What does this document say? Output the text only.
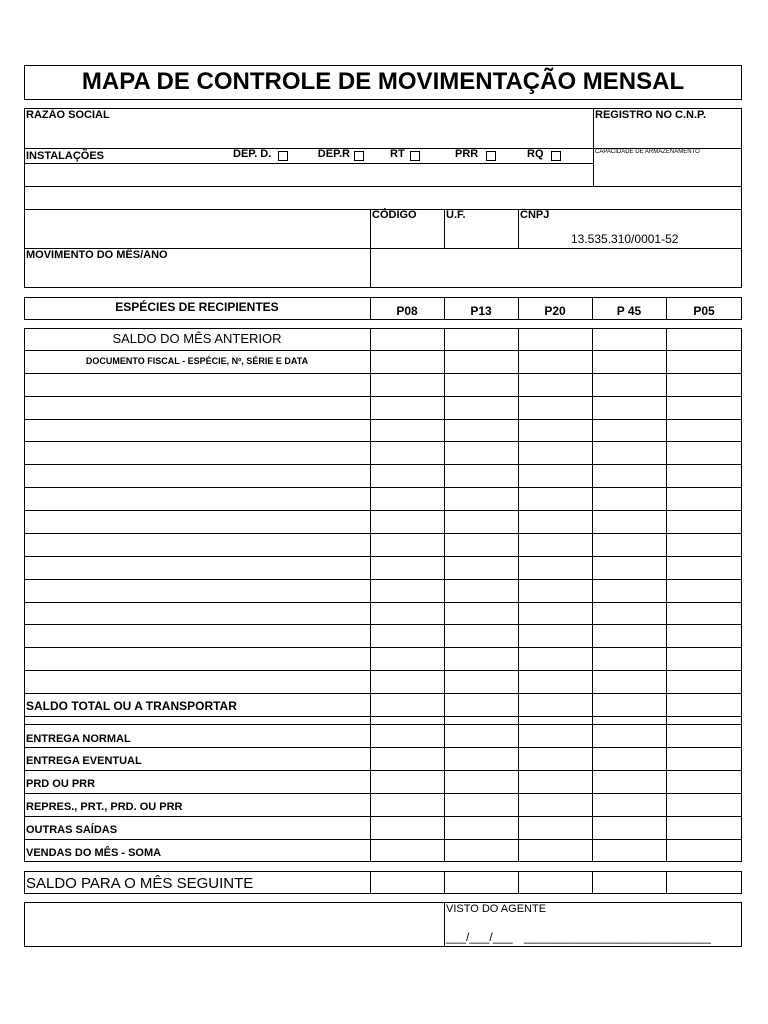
MAPA DE CONTROLE DE MOVIMENTAÇÃO MENSAL
RAZÃO SOCIAL	REGISTRO NO C.N.P.
INSTALAÇÕES	CAPACIDADE DE ARMAZENAMENTO
DEP. D.	DEP.R	RT	PRR	RQ
CÓDIGO	U.F.	CNPJ
13.535.310/0001-52
MOVIMENTO DO MÊS/ANO
ESPÉCIES DE RECIPIENTES	P08	P13	P20	P 45	P05
SALDO DO MÊS ANTERIOR
DOCUMENTO FISCAL - ESPÉCIE, Nº, SÉRIE E DATA
SALDO TOTAL OU A TRANSPORTAR
ENTREGA NORMAL
ENTREGA EVENTUAL
PRD OU PRR
REPRES., PRT., PRD. OU PRR
OUTRAS SAÍDAS
VENDAS DO MÊS - SOMA
SALDO PARA O MÊS SEGUINTE
VISTO DO AGENTE
___/___/___ ____________________________
